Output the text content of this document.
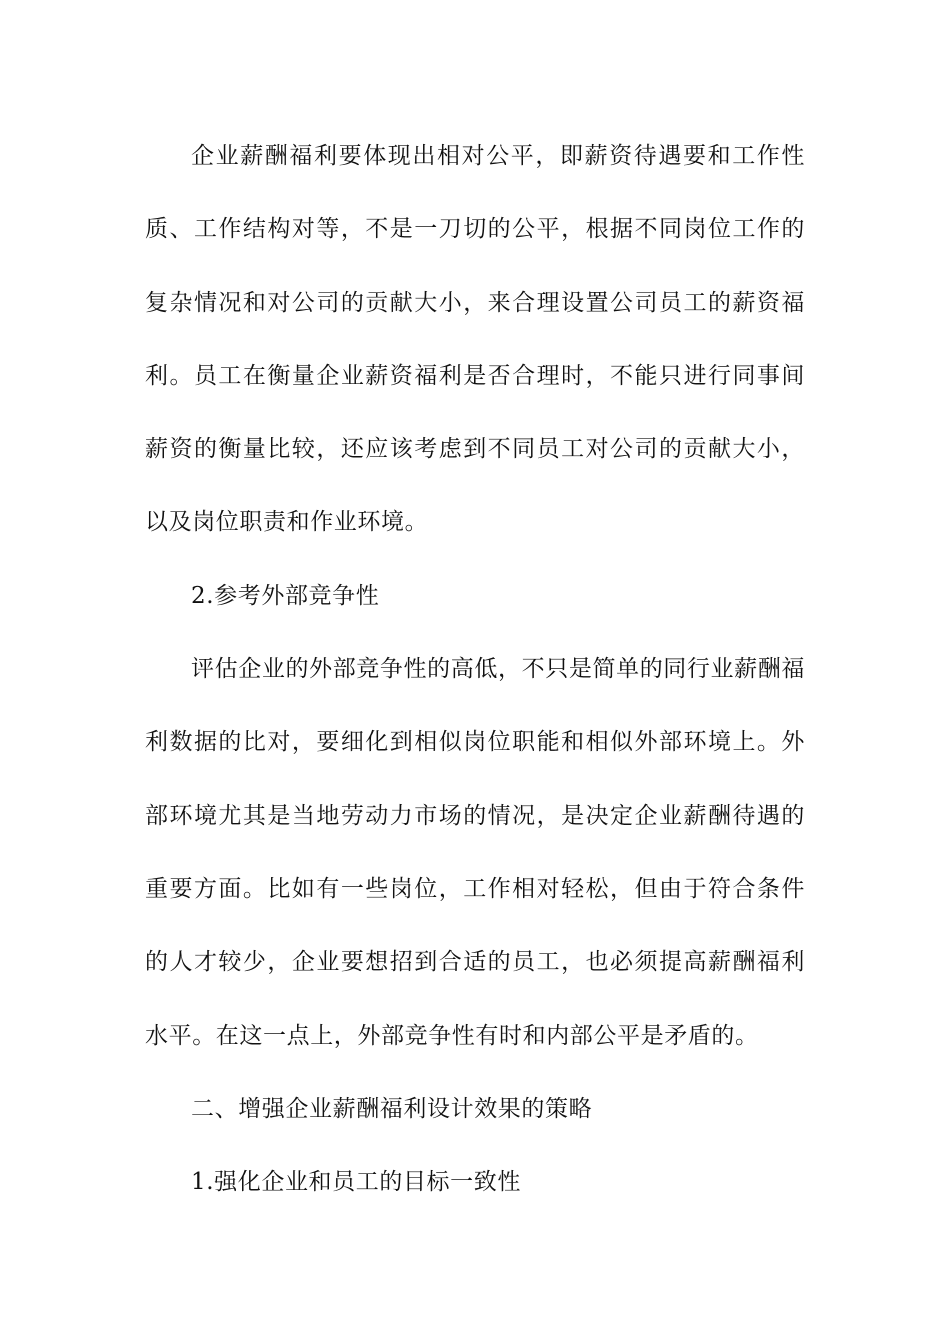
企业薪酬福利要体现出相对公平，即薪资待遇要和工作性质、工作结构对等，不是一刀切的公平，根据不同岗位工作的复杂情况和对公司的贡献大小，来合理设置公司员工的薪资福利。员工在衡量企业薪资福利是否合理时，不能只进行同事间薪资的衡量比较，还应该考虑到不同员工对公司的贡献大小，以及岗位职责和作业环境。

2.参考外部竞争性

评估企业的外部竞争性的高低，不只是简单的同行业薪酬福利数据的比对，要细化到相似岗位职能和相似外部环境上。外部环境尤其是当地劳动力市场的情况，是决定企业薪酬待遇的重要方面。比如有一些岗位，工作相对轻松，但由于符合条件的人才较少，企业要想招到合适的员工，也必须提高薪酬福利水平。在这一点上，外部竞争性有时和内部公平是矛盾的。

二、增强企业薪酬福利设计效果的策略

1.强化企业和员工的目标一致性
